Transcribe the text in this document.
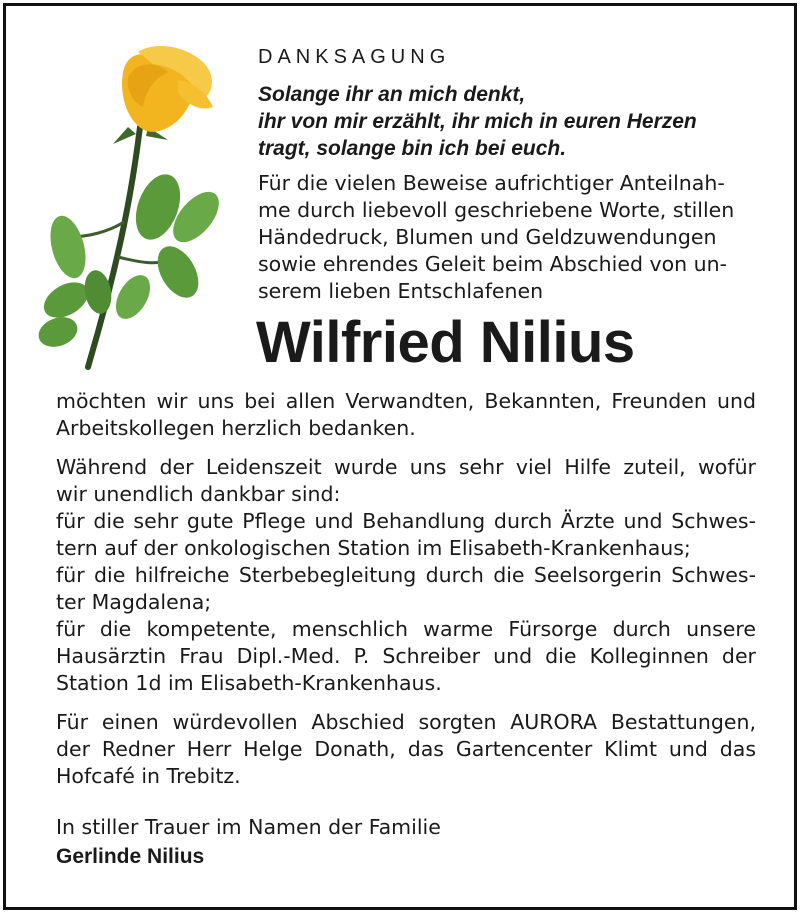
DANKSAGUNG
Solange ihr an mich denkt,
ihr von mir erzählt, ihr mich in euren Herzen
tragt, solange bin ich bei euch.
Für die vielen Beweise aufrichtiger Anteilnah-
me durch liebevoll geschriebene Worte, stillen
Händedruck, Blumen und Geldzuwendungen
sowie ehrendes Geleit beim Abschied von un-
serem lieben Entschlafenen
Wilfried Nilius
möchten wir uns bei allen Verwandten, Bekannten, Freunden und
Arbeitskollegen herzlich bedanken.
Während der Leidenszeit wurde uns sehr viel Hilfe zuteil, wofür
wir unendlich dankbar sind:
für die sehr gute Pflege und Behandlung durch Ärzte und Schwes-
tern auf der onkologischen Station im Elisabeth-Krankenhaus;
für die hilfreiche Sterbebegleitung durch die Seelsorgerin Schwes-
ter Magdalena;
für die kompetente, menschlich warme Fürsorge durch unsere
Hausärztin Frau Dipl.-Med. P. Schreiber und die Kolleginnen der
Station 1d im Elisabeth-Krankenhaus.
Für einen würdevollen Abschied sorgten AURORA Bestattungen,
der Redner Herr Helge Donath, das Gartencenter Klimt und das
Hofcafé in Trebitz.
In stiller Trauer im Namen der Familie
Gerlinde Nilius
